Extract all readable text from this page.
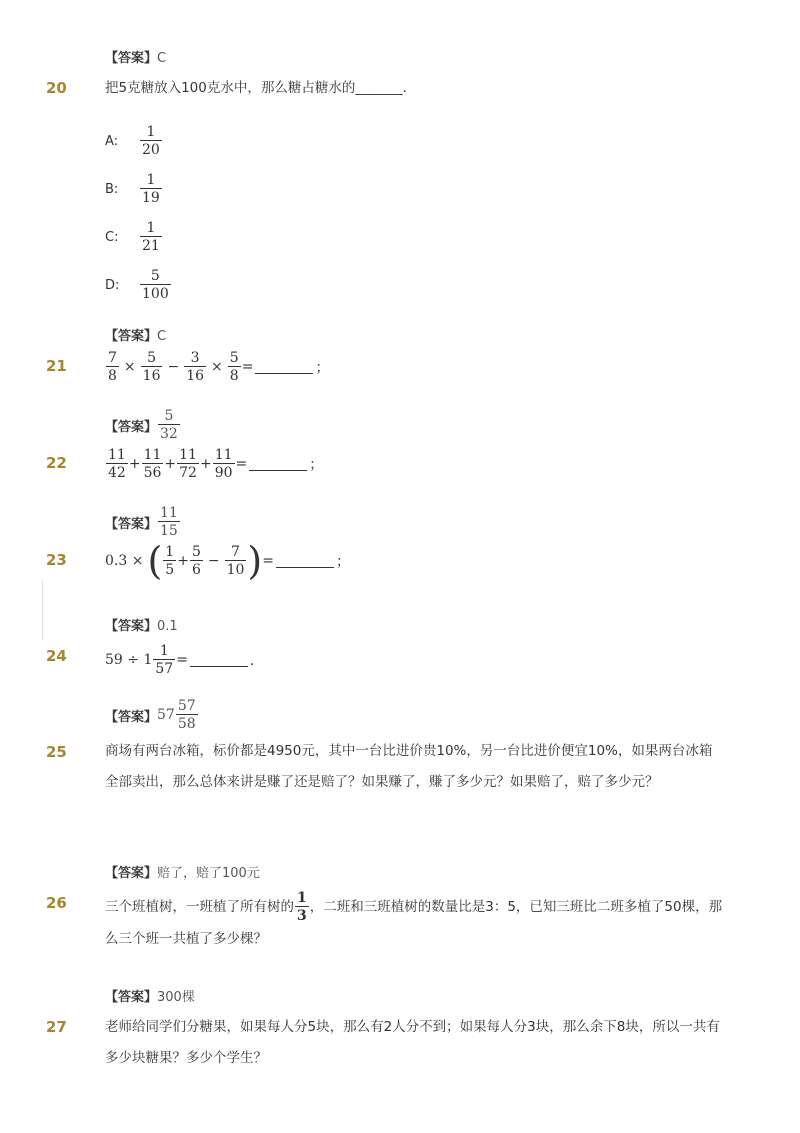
【答案】C
20	把5克糖放入100克水中，那么糖占糖水的_______．
A:	$\frac{1}{20}$
B:	$\frac{1}{19}$
C:	$\frac{1}{21}$
D:	$\frac{5}{100}$
【答案】C
21	$\frac{7}{8} \times \frac{5}{16} - \frac{3}{16} \times \frac{5}{8}$ =	；
【答案】 $\frac{5}{32}$
22	$\frac{11}{42} + \frac{11}{56} + \frac{11}{72} + \frac{11}{90}$ =	；
【答案】 $\frac{11}{15}$
23	0.3 × ( $\frac{1}{5} + \frac{5}{6} - \frac{7}{10}$ ) =	；
【答案】0.1
24	$59 \div 1 \frac{1}{57}$ =	．
【答案】 $57 \frac{57}{58}$
25	商场有两台冰箱，标价都是4950元，其中一台比进价贵10%，另一台比进价便宜10%，如果两台冰箱全部卖出，那么总体来讲是赚了还是赔了？如果赚了，赚了多少元？如果赔了，赔了多少元？
【答案】赔了，赔了100元
26	三个班植树，一班植了所有树的 $\frac{1}{3}$ ，二班和三班植树的数量比是3：5，已知三班比二班多植了50棵，那么三个班一共植了多少棵？
【答案】300棵
27	老师给同学们分糖果，如果每人分5块，那么有2人分不到；如果每人分3块，那么余下8块，所以一共有多少块糖果？多少个学生？
